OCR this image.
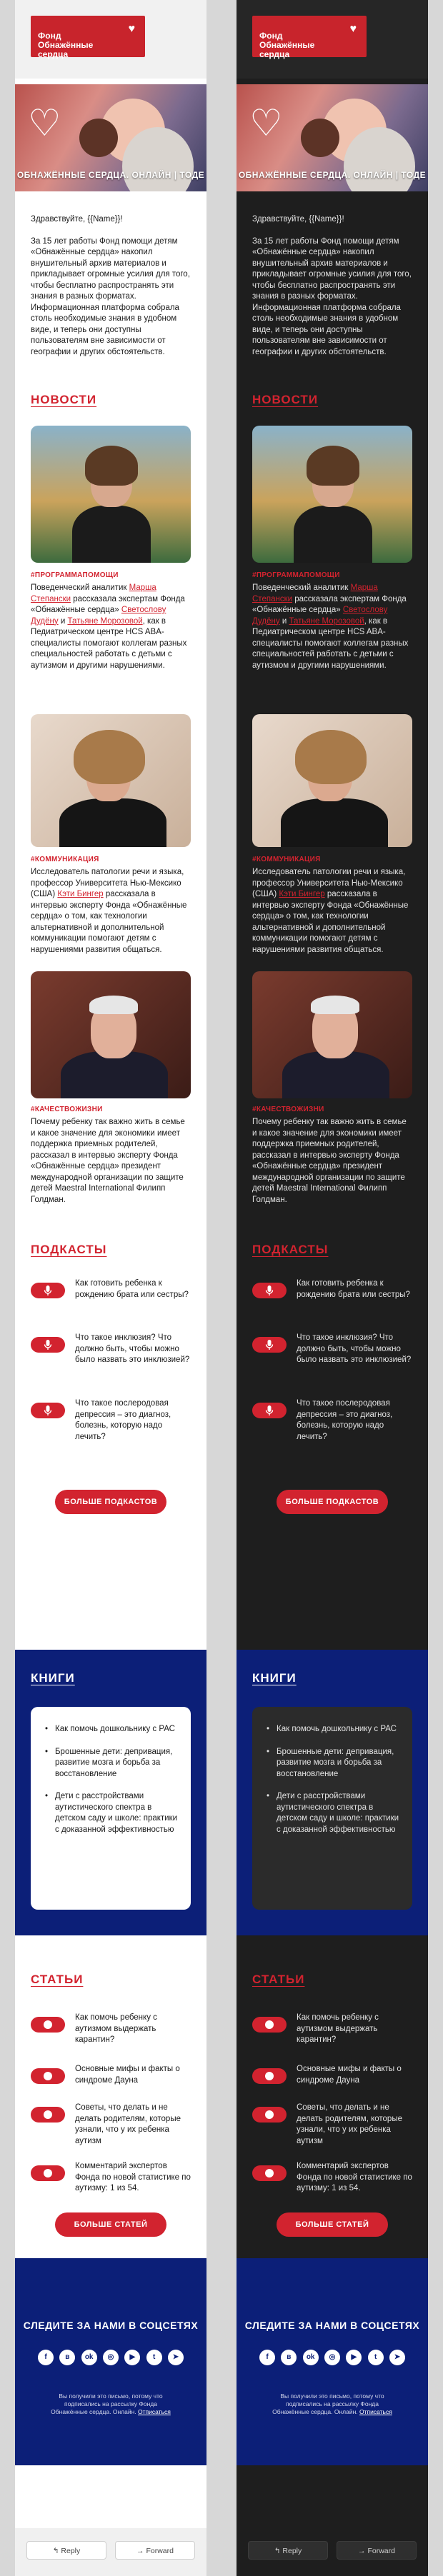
Фонд
Обнажённые
сердца

♥

♡
ОБНАЖЁННЫЕ СЕРДЦА. ОНЛАЙН | ТОДЕ

Здравствуйте, {{Name}}!

За 15 лет работы Фонд помощи детям «Обнажённые сердца» накопил внушительный архив материалов и прикладывает огромные усилия для того, чтобы бесплатно распространять эти знания в разных форматах. Информационная платформа собрала столь необходимые знания в удобном виде, и теперь они доступны пользователям вне зависимости от географии и других обстоятельств.

НОВОСТИ
#ПРОГРАММАПОМОЩИ
Поведенческий аналитик Марша Степански рассказала экспертам Фонда «Обнажённые сердца» Светослову Дудёну и Татьяне Морозовой, как в Педиатрическом центре HCS ABA-специалисты помогают коллегам разных специальностей работать с детьми с аутизмом и другими нарушениями.
#КОММУНИКАЦИЯ
Исследователь патологии речи и языка, профессор Университета Нью-Мексико (США) Кэти Бингер рассказала в интервью эксперту Фонда «Обнажённые сердца» о том, как технологии альтернативной и дополнительной коммуникации помогают детям с нарушениями развития общаться.
#КАЧЕСТВОЖИЗНИ
Почему ребенку так важно жить в семье и какое значение для экономики имеет поддержка приемных родителей, рассказал в интервью эксперту Фонда «Обнажённые сердца» президент международной организации по защите детей Maestral International Филипп Голдман.
ПОДКАСТЫ
Как готовить ребенка к рождению брата или сестры?
Что такое инклюзия? Что должно быть, чтобы можно было назвать это инклюзией?
Что такое послеродовая депрессия – это диагноз, болезнь, которую надо лечить?
БОЛЬШЕ ПОДКАСТОВ
КНИГИ
• Как помочь дошкольнику с РАС
• Брошенные дети: депривация, развитие мозга и борьба за восстановление
• Дети с расстройствами аутистического спектра в детском саду и школе: практики с доказанной эффективностью
СТАТЬИ
Как помочь ребенку с аутизмом выдержать карантин?
Основные мифы и факты о синдроме Дауна
Советы, что делать и не делать родителям, которые узнали, что у их ребенка аутизм
Комментарий экспертов Фонда по новой статистике по аутизму: 1 из 54.
БОЛЬШЕ СТАТЕЙ
СЛЕДИТЕ ЗА НАМИ В СОЦСЕТЯХ
f	в	ok	◎	▶	t	➤
Вы получили это письмо, потому что подписались на рассылку Фонда Обнажённые сердца. Онлайн. Отписаться
↰ Reply	→ Forward

Фонд
Обнажённые
сердца

♥

♡
ОБНАЖЁННЫЕ СЕРДЦА. ОНЛАЙН | ТОДЕ

Здравствуйте, {{Name}}!

За 15 лет работы Фонд помощи детям «Обнажённые сердца» накопил внушительный архив материалов и прикладывает огромные усилия для того, чтобы бесплатно распространять эти знания в разных форматах. Информационная платформа собрала столь необходимые знания в удобном виде, и теперь они доступны пользователям вне зависимости от географии и других обстоятельств.

НОВОСТИ
#ПРОГРАММАПОМОЩИ
Поведенческий аналитик Марша Степански рассказала экспертам Фонда «Обнажённые сердца» Светослову Дудёну и Татьяне Морозовой, как в Педиатрическом центре HCS ABA-специалисты помогают коллегам разных специальностей работать с детьми с аутизмом и другими нарушениями.
#КОММУНИКАЦИЯ
Исследователь патологии речи и языка, профессор Университета Нью-Мексико (США) Кэти Бингер рассказала в интервью эксперту Фонда «Обнажённые сердца» о том, как технологии альтернативной и дополнительной коммуникации помогают детям с нарушениями развития общаться.
#КАЧЕСТВОЖИЗНИ
Почему ребенку так важно жить в семье и какое значение для экономики имеет поддержка приемных родителей, рассказал в интервью эксперту Фонда «Обнажённые сердца» президент международной организации по защите детей Maestral International Филипп Голдман.
ПОДКАСТЫ
Как готовить ребенка к рождению брата или сестры?
Что такое инклюзия? Что должно быть, чтобы можно было назвать это инклюзией?
Что такое послеродовая депрессия – это диагноз, болезнь, которую надо лечить?
БОЛЬШЕ ПОДКАСТОВ
КНИГИ
• Как помочь дошкольнику с РАС
• Брошенные дети: депривация, развитие мозга и борьба за восстановление
• Дети с расстройствами аутистического спектра в детском саду и школе: практики с доказанной эффективностью
СТАТЬИ
Как помочь ребенку с аутизмом выдержать карантин?
Основные мифы и факты о синдроме Дауна
Советы, что делать и не делать родителям, которые узнали, что у их ребенка аутизм
Комментарий экспертов Фонда по новой статистике по аутизму: 1 из 54.
БОЛЬШЕ СТАТЕЙ
СЛЕДИТЕ ЗА НАМИ В СОЦСЕТЯХ
f	в	ok	◎	▶	t	➤
Вы получили это письмо, потому что подписались на рассылку Фонда Обнажённые сердца. Онлайн. Отписаться
↰ Reply	→ Forward
